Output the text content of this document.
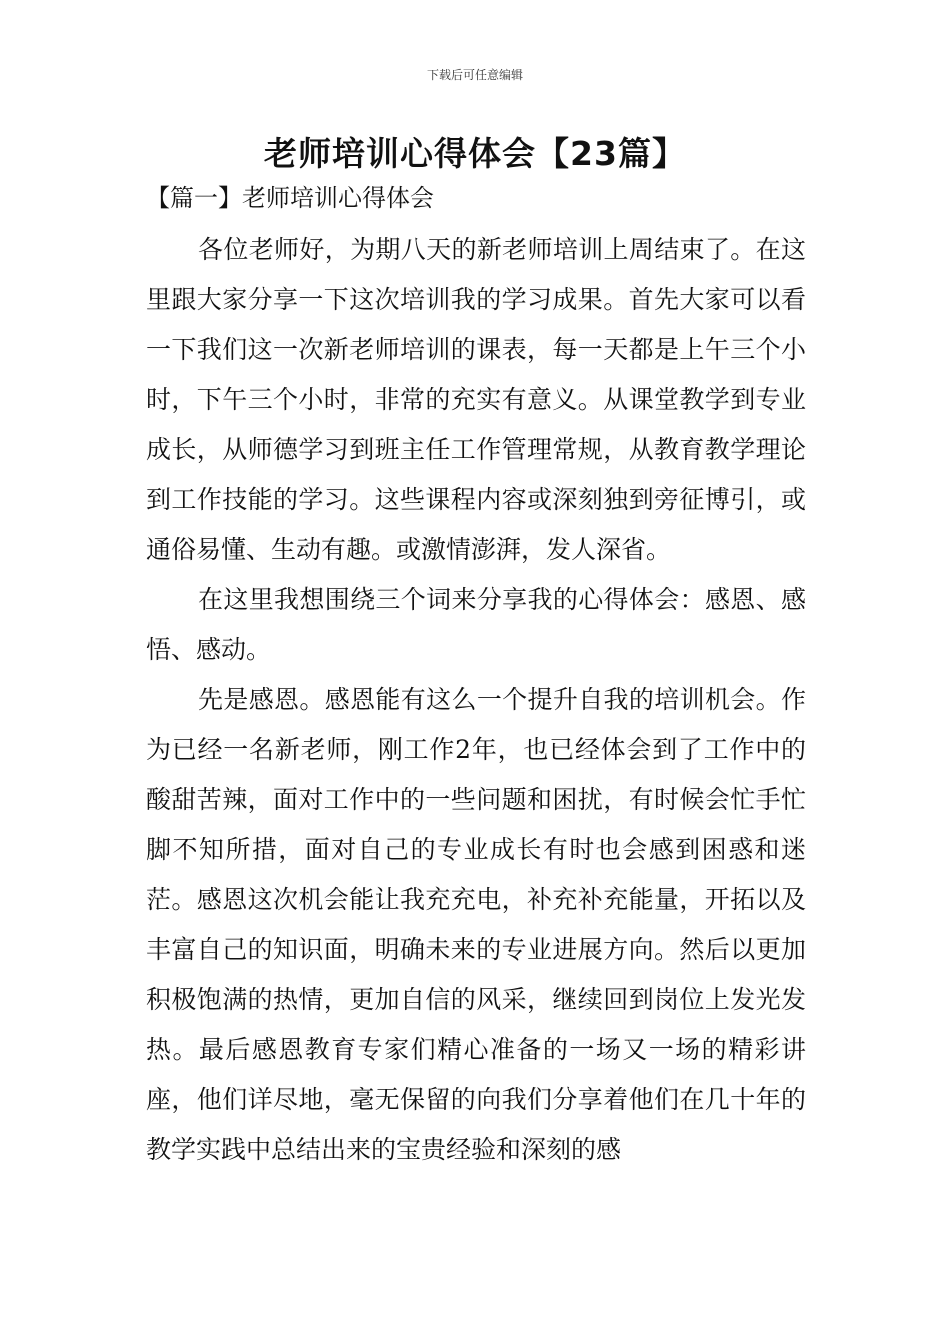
下载后可任意编辑
老师培训心得体会【23篇】
【篇一】老师培训心得体会

各位老师好，为期八天的新老师培训上周结束了。在这里跟大家分享一下这次培训我的学习成果。首先大家可以看一下我们这一次新老师培训的课表，每一天都是上午三个小时，下午三个小时，非常的充实有意义。从课堂教学到专业成长，从师德学习到班主任工作管理常规，从教育教学理论到工作技能的学习。这些课程内容或深刻独到旁征博引，或通俗易懂、生动有趣。或激情澎湃，发人深省。

在这里我想围绕三个词来分享我的心得体会：感恩、感悟、感动。

先是感恩。感恩能有这么一个提升自我的培训机会。作为已经一名新老师，刚工作2年，也已经体会到了工作中的酸甜苦辣，面对工作中的一些问题和困扰，有时候会忙手忙脚不知所措，面对自己的专业成长有时也会感到困惑和迷茫。感恩这次机会能让我充充电，补充补充能量，开拓以及丰富自己的知识面，明确未来的专业进展方向。然后以更加积极饱满的热情，更加自信的风采，继续回到岗位上发光发热。最后感恩教育专家们精心准备的一场又一场的精彩讲座，他们详尽地，毫无保留的向我们分享着他们在几十年的教学实践中总结出来的宝贵经验和深刻的感
